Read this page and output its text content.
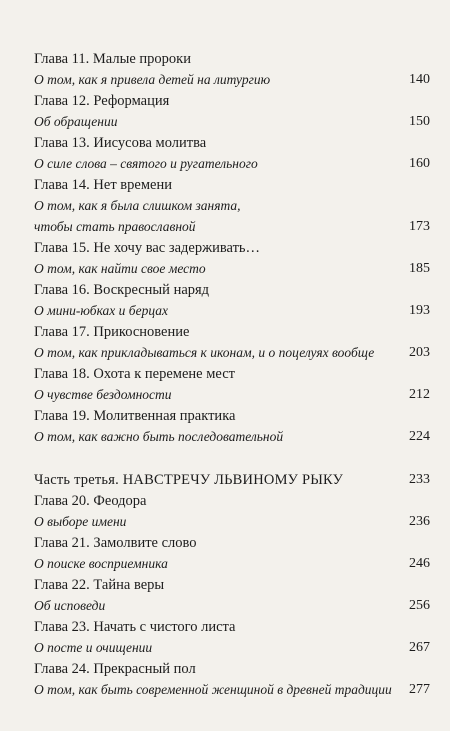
Глава 11. Малые пророки
О том, как я привела детей на литургию	140
Глава 12. Реформация
Об обращении	150
Глава 13. Иисусова молитва
О силе слова – святого и ругательного	160
Глава 14. Нет времени
О том, как я была слишком занята,
чтобы стать православной	173
Глава 15. Не хочу вас задерживать…
О том, как найти свое место	185
Глава 16. Воскресный наряд
О мини-юбках и берцах	193
Глава 17. Прикосновение
О том, как прикладываться к иконам, и о поцелуях вообще 203
Глава 18. Охота к перемене мест
О чувстве бездомности	212
Глава 19. Молитвенная практика
О том, как важно быть последовательной	224
Часть третья. НАВСТРЕЧУ ЛЬВИНОМУ РЫКУ	233
Глава 20. Феодора
О выборе имени	236
Глава 21. Замолвите слово
О поиске восприемника	246
Глава 22. Тайна веры
Об исповеди	256
Глава 23. Начать с чистого листа
О посте и очищении	267
Глава 24. Прекрасный пол
О том, как быть современной женщиной в древней традиции 277
